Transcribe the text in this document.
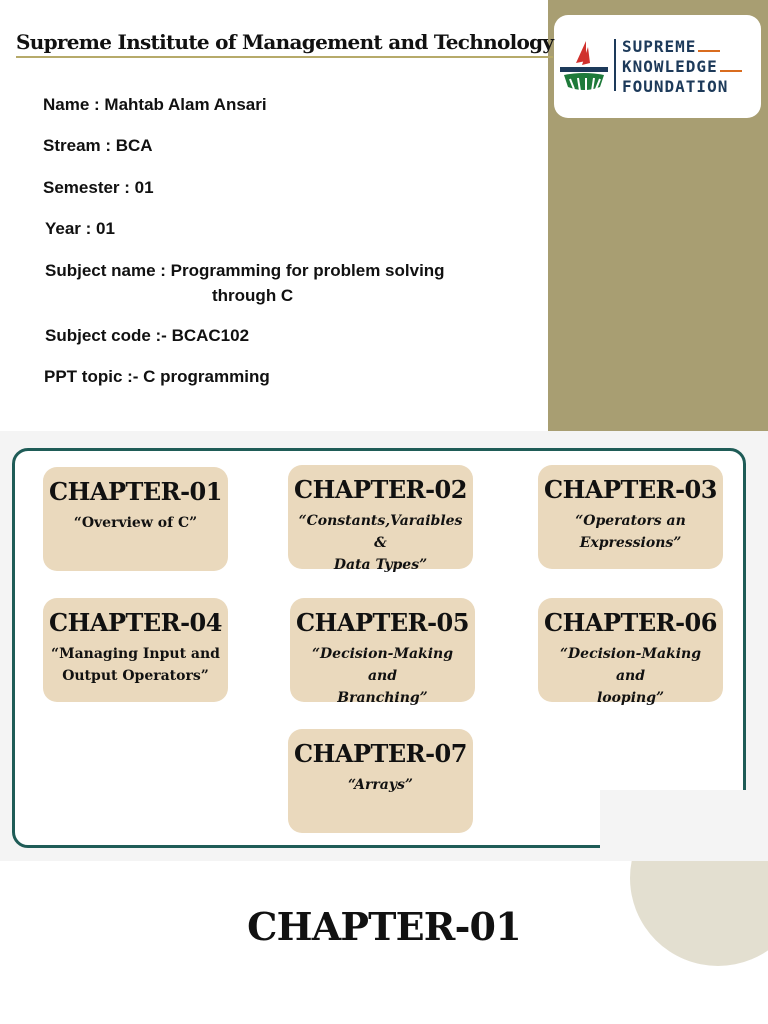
SUPREME
KNOWLEDGE
FOUNDATION
Supreme Institute of Management and Technology
Name : Mahtab Alam Ansari
Stream : BCA
Semester : 01
Year : 01
Subject name : Programming for problem solving
through C
Subject code :- BCAC102
PPT topic :- C programming
CHAPTER-01
“Overview of C”
CHAPTER-02
“Constants,Varaibles &
Data Types”
CHAPTER-03
“Operators an
Expressions”
CHAPTER-04
“Managing Input and
Output Operators”
CHAPTER-05
“Decision-Making and
Branching”
CHAPTER-06
“Decision-Making and
looping”
CHAPTER-07
“Arrays”
CHAPTER-01
